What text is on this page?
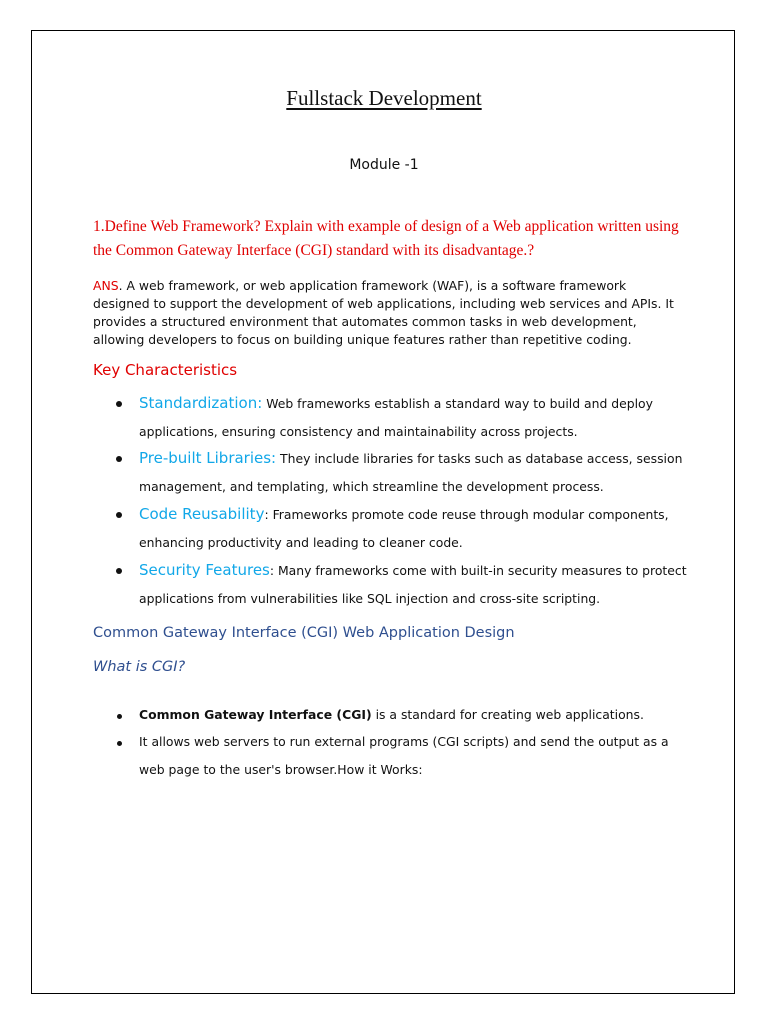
Fullstack Development
Module -1
1.Define Web Framework? Explain with example of design of a Web application written using the Common Gateway Interface (CGI) standard with its disadvantage.?
ANS. A web framework, or web application framework (WAF), is a software framework designed to support the development of web applications, including web services and APIs. It provides a structured environment that automates common tasks in web development, allowing developers to focus on building unique features rather than repetitive coding.
Key Characteristics
Standardization: Web frameworks establish a standard way to build and deploy
applications, ensuring consistency and maintainability across projects.
Pre-built Libraries: They include libraries for tasks such as database access, session
management, and templating, which streamline the development process.
Code Reusability: Frameworks promote code reuse through modular components,
enhancing productivity and leading to cleaner code.
Security Features: Many frameworks come with built-in security measures to protect
applications from vulnerabilities like SQL injection and cross-site scripting.
Common Gateway Interface (CGI) Web Application Design
What is CGI?
Common Gateway Interface (CGI) is a standard for creating web applications.
It allows web servers to run external programs (CGI scripts) and send the output as a
web page to the user's browser.How it Works:
